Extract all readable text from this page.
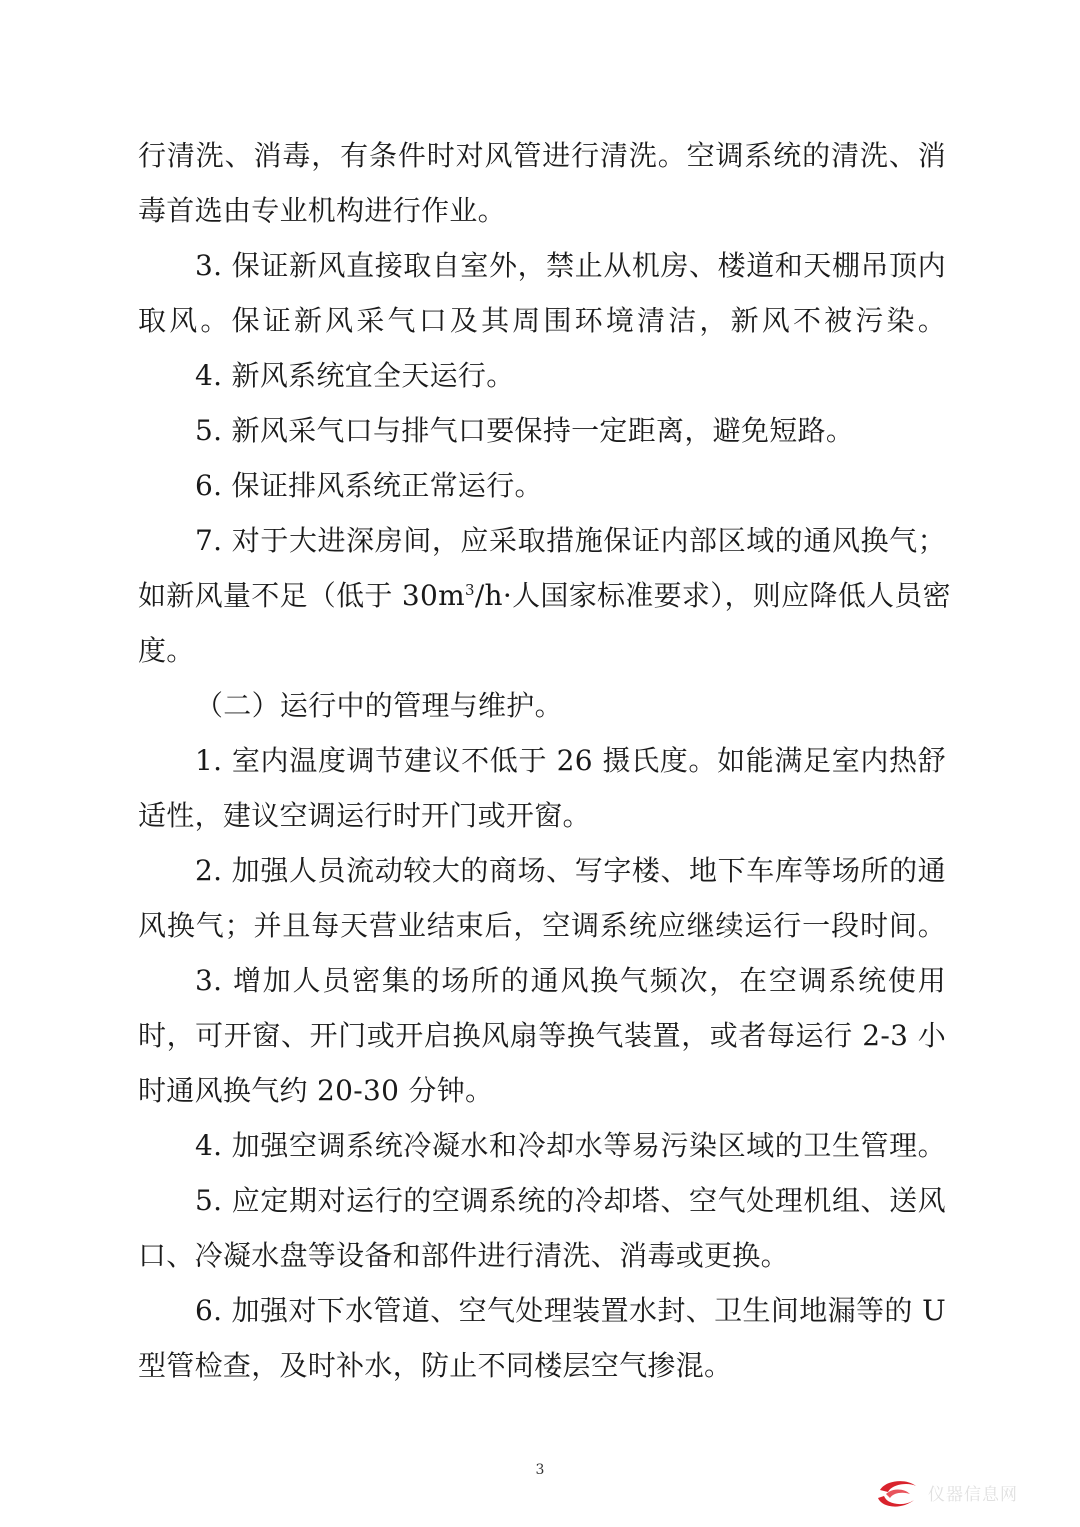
行清洗、消毒，有条件时对风管进行清洗。空调系统的清洗、消
毒首选由专业机构进行作业。
3. 保证新风直接取自室外，禁止从机房、楼道和天棚吊顶内
取风。保证新风采气口及其周围环境清洁，新风不被污染。
4. 新风系统宜全天运行。
5. 新风采气口与排气口要保持一定距离，避免短路。
6. 保证排风系统正常运行。
7. 对于大进深房间，应采取措施保证内部区域的通风换气；
如新风量不足（低于 $30m^3/h\cdot$人国家标准要求），则应降低人员密
度。
（二）运行中的管理与维护。
1. 室内温度调节建议不低于 26 摄氏度。如能满足室内热舒
适性，建议空调运行时开门或开窗。
2. 加强人员流动较大的商场、写字楼、地下车库等场所的通
风换气；并且每天营业结束后，空调系统应继续运行一段时间。
3. 增加人员密集的场所的通风换气频次，在空调系统使用
时，可开窗、开门或开启换风扇等换气装置，或者每运行 2-3 小
时通风换气约 20-30 分钟。
4. 加强空调系统冷凝水和冷却水等易污染区域的卫生管理。
5. 应定期对运行的空调系统的冷却塔、空气处理机组、送风
口、冷凝水盘等设备和部件进行清洗、消毒或更换。
6. 加强对下水管道、空气处理装置水封、卫生间地漏等的 U
型管检查，及时补水，防止不同楼层空气掺混。
3
仪器信息网
